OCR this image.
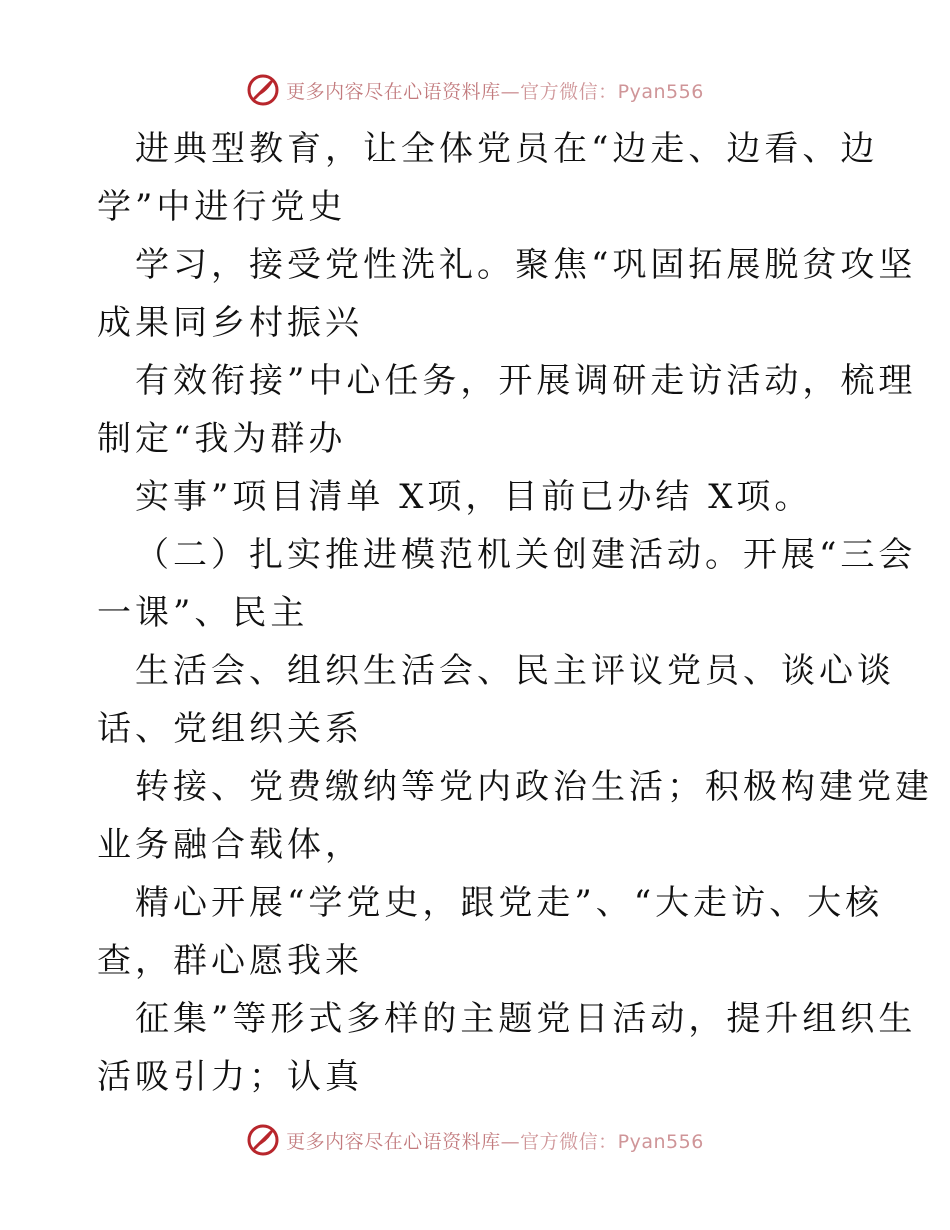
更多内容尽在心语资料库—官方微信：Pyan556
进典型教育，让全体党员在“边走、边看、边
学”中进行党史
学习，接受党性洗礼。聚焦“巩固拓展脱贫攻坚
成果同乡村振兴
有效衔接”中心任务，开展调研走访活动，梳理
制定“我为群办
实事”项目清单 X项，目前已办结 X项。
（二）扎实推进模范机关创建活动。开展“三会
一课”、民主
生活会、组织生活会、民主评议党员、谈心谈
话、党组织关系
转接、党费缴纳等党内政治生活；积极构建党建
业务融合载体，
精心开展“学党史，跟党走”、“大走访、大核
查，群心愿我来
征集”等形式多样的主题党日活动，提升组织生
活吸引力；认真
更多内容尽在心语资料库—官方微信：Pyan556
